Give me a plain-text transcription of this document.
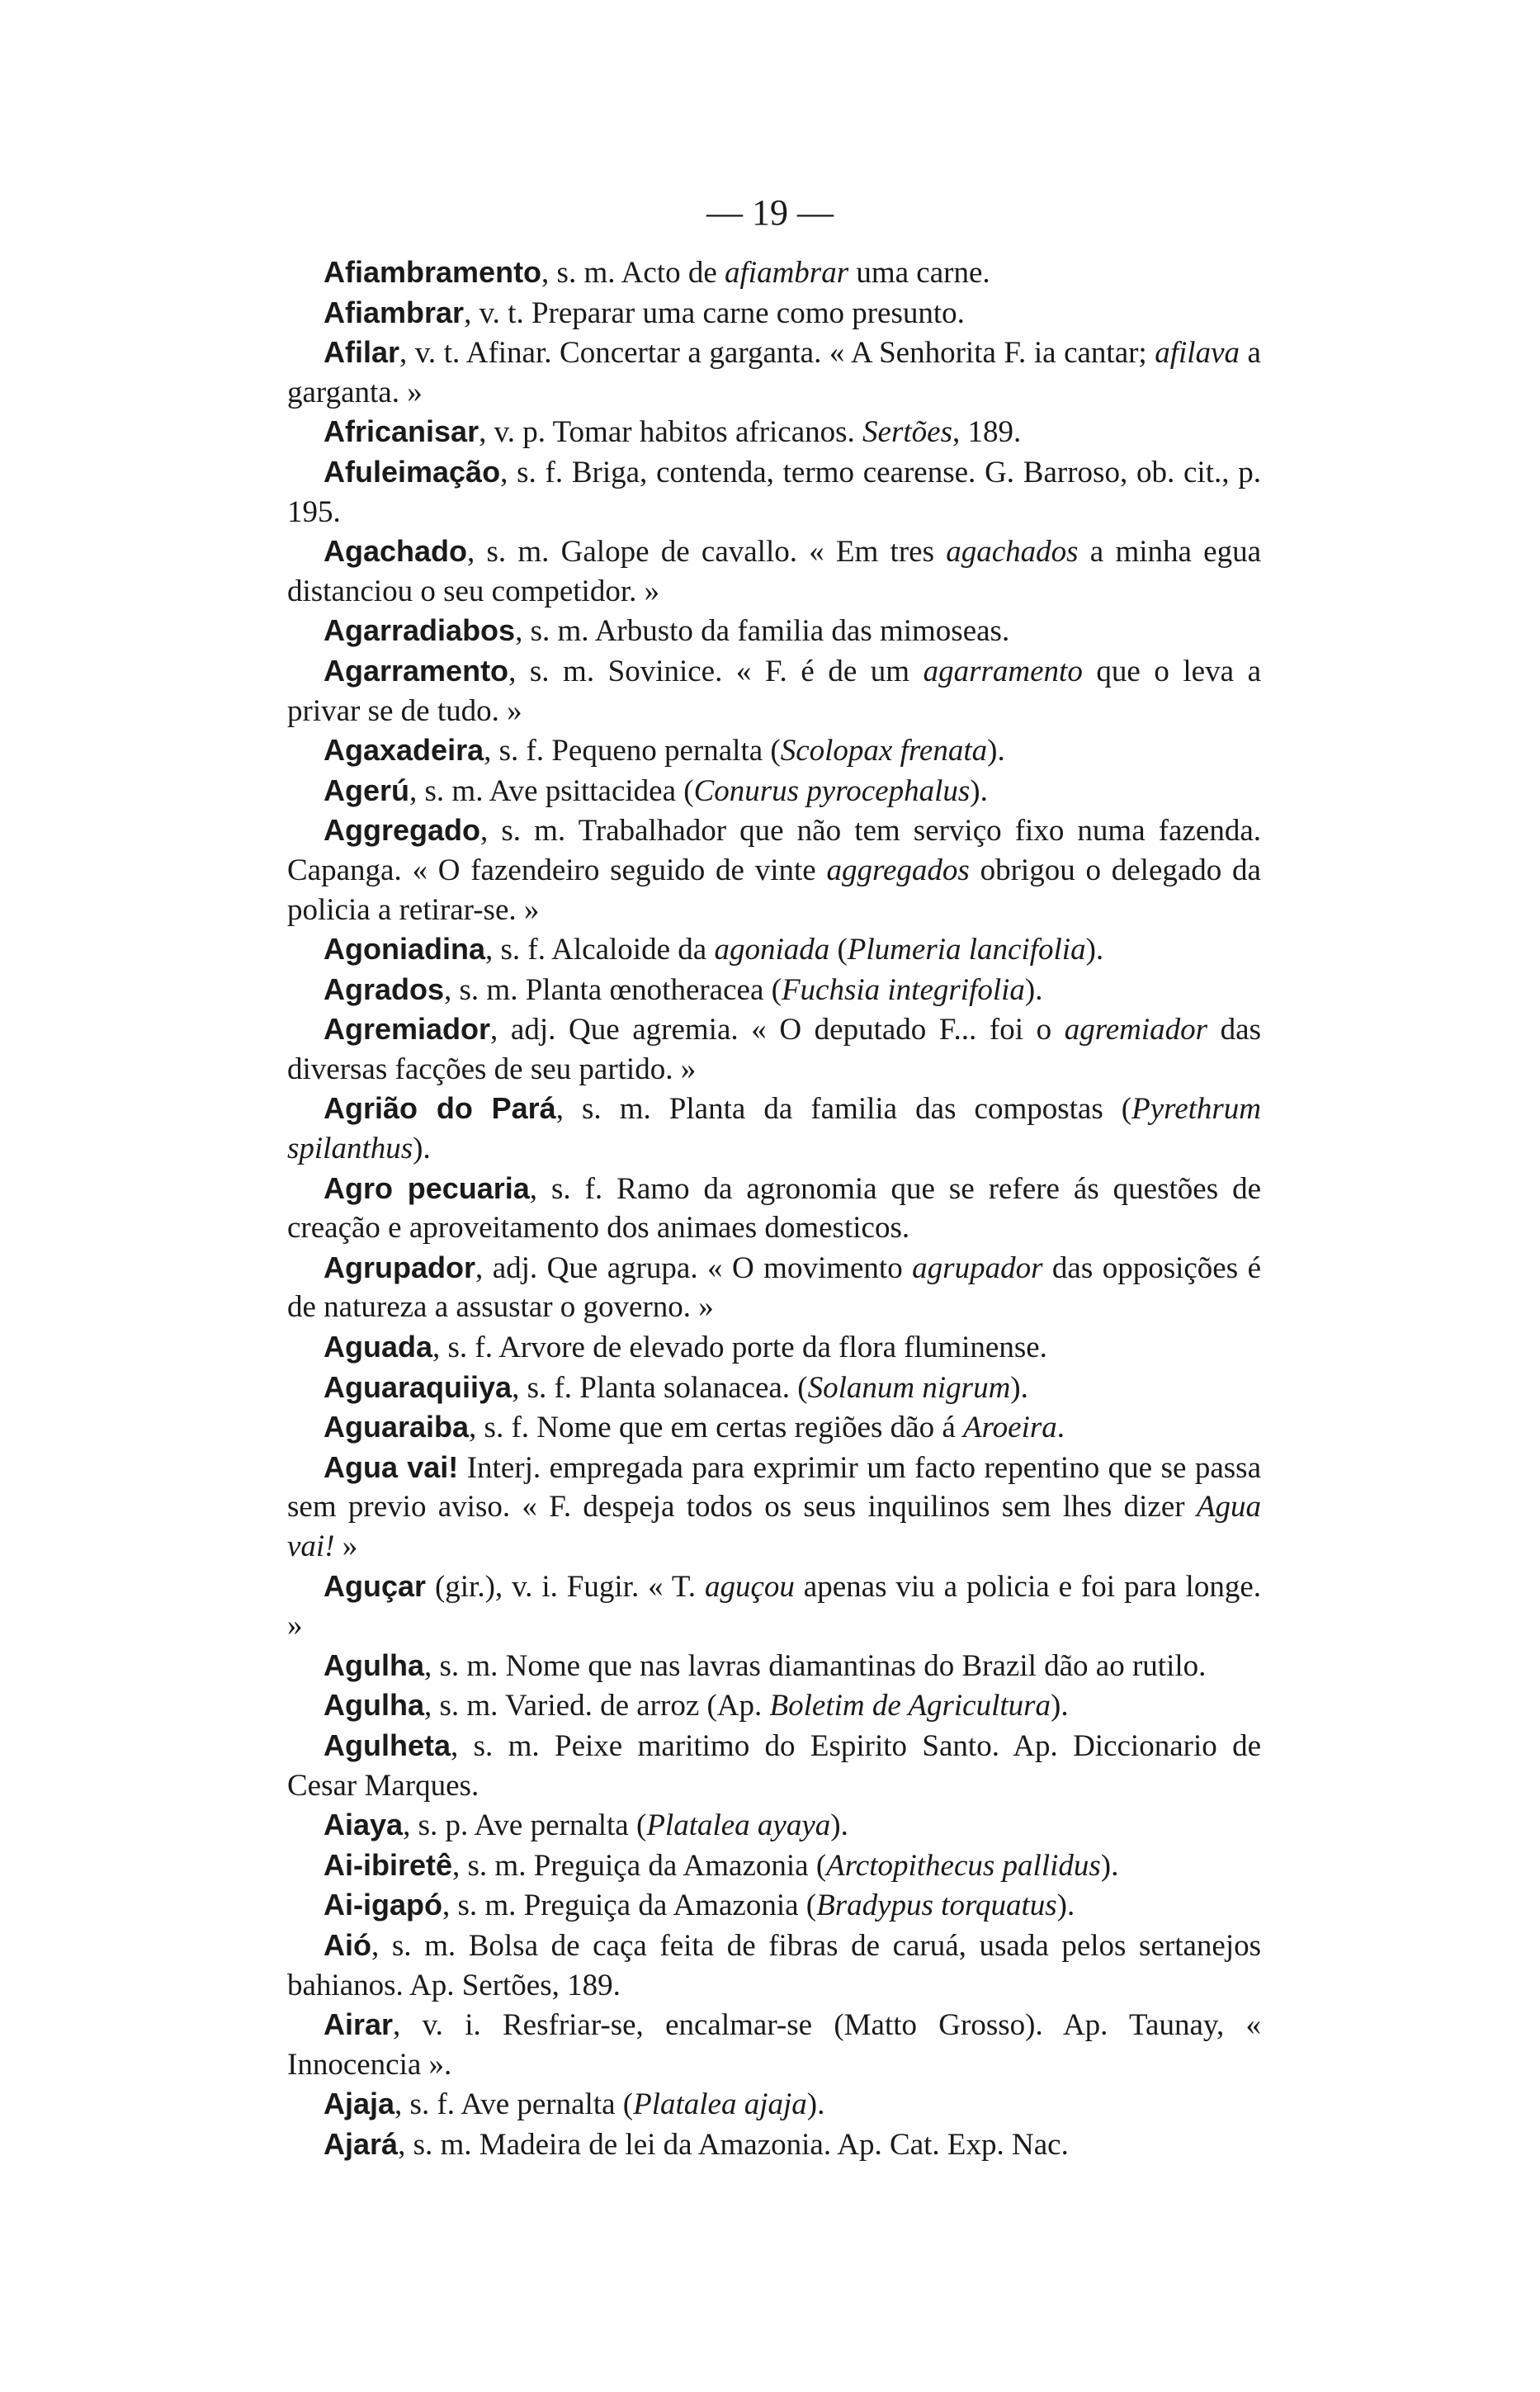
— 19 —

Afiambramento, s. m. Acto de afiambrar uma carne.

Afiambrar, v. t. Preparar uma carne como presunto.

Afilar, v. t. Afinar. Concertar a garganta. « A Senhorita F. ia cantar; afilava a garganta. »

Africanisar, v. p. Tomar habitos africanos. Sertões, 189.

Afuleimação, s. f. Briga, contenda, termo cearense. G. Barroso, ob. cit., p. 195.

Agachado, s. m. Galope de cavallo. « Em tres agachados a minha egua distanciou o seu competidor. »

Agarradiabos, s. m. Arbusto da familia das mimoseas.

Agarramento, s. m. Sovinice. « F. é de um agarramento que o leva a privar se de tudo. »

Agaxadeira, s. f. Pequeno pernalta (Scolopax frenata).

Agerú, s. m. Ave psittacidea (Conurus pyrocephalus).

Aggregado, s. m. Trabalhador que não tem serviço fixo numa fazenda. Capanga. « O fazendeiro seguido de vinte aggregados obrigou o delegado da policia a retirar-se. »

Agoniadina, s. f. Alcaloide da agoniada (Plumeria lancifolia).

Agrados, s. m. Planta œnotheracea (Fuchsia integrifolia).

Agremiador, adj. Que agremia. « O deputado F... foi o agremiador das diversas facções de seu partido. »

Agrião do Pará, s. m. Planta da familia das compostas (Pyrethrum spilanthus).

Agro pecuaria, s. f. Ramo da agronomia que se refere ás questões de creação e aproveitamento dos animaes domesticos.

Agrupador, adj. Que agrupa. « O movimento agrupador das opposições é de natureza a assustar o governo. »

Aguada, s. f. Arvore de elevado porte da flora fluminense.

Aguaraquiiya, s. f. Planta solanacea. (Solanum nigrum).

Aguaraiba, s. f. Nome que em certas regiões dão á Aroeira.

Agua vai! Interj. empregada para exprimir um facto repentino que se passa sem previo aviso. « F. despeja todos os seus inquilinos sem lhes dizer Agua vai! »

Aguçar (gir.), v. i. Fugir. « T. aguçou apenas viu a policia e foi para longe. »

Agulha, s. m. Nome que nas lavras diamantinas do Brazil dão ao rutilo.

Agulha, s. m. Varied. de arroz (Ap. Boletim de Agricultura).

Agulheta, s. m. Peixe maritimo do Espirito Santo. Ap. Diccionario de Cesar Marques.

Aiaya, s. p. Ave pernalta (Platalea ayaya).

Ai-ibiretê, s. m. Preguiça da Amazonia (Arctopithecus pallidus).

Ai-igapó, s. m. Preguiça da Amazonia (Bradypus torquatus).

Aió, s. m. Bolsa de caça feita de fibras de caruá, usada pelos sertanejos bahianos. Ap. Sertões, 189.

Airar, v. i. Resfriar-se, encalmar-se (Matto Grosso). Ap. Taunay, « Innocencia ».

Ajaja, s. f. Ave pernalta (Platalea ajaja).

Ajará, s. m. Madeira de lei da Amazonia. Ap. Cat. Exp. Nac.
